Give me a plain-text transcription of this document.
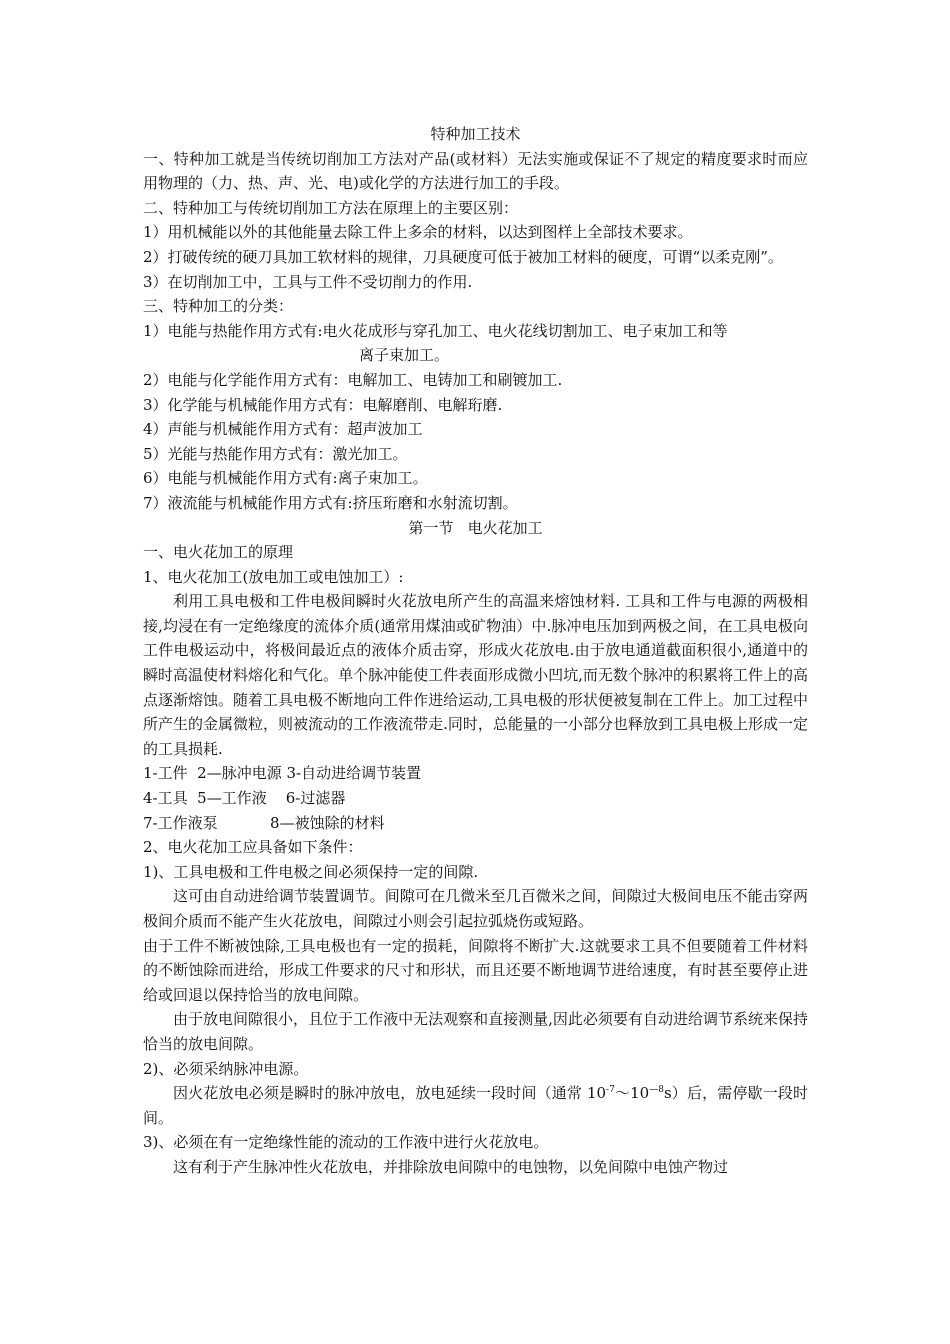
特种加工技术

一、特种加工就是当传统切削加工方法对产品(或材料）无法实施或保证不了规定的精度要求时而应用物理的（力、热、声、光、电)或化学的方法进行加工的手段。

二、特种加工与传统切削加工方法在原理上的主要区别：

1）用机械能以外的其他能量去除工件上多余的材料，以达到图样上全部技术要求。

2）打破传统的硬刀具加工软材料的规律，刀具硬度可低于被加工材料的硬度，可谓“以柔克刚”。

3）在切削加工中，工具与工件不受切削力的作用.

三、特种加工的分类：

1）电能与热能作用方式有:电火花成形与穿孔加工、电火花线切割加工、电子束加工和等

离子束加工。

2）电能与化学能作用方式有：电解加工、电铸加工和刷镀加工.

3）化学能与机械能作用方式有：电解磨削、电解珩磨.

4）声能与机械能作用方式有：超声波加工

5）光能与热能作用方式有：激光加工。

6）电能与机械能作用方式有:离子束加工。

7）液流能与机械能作用方式有:挤压珩磨和水射流切割。

第一节   电火花加工

一、电火花加工的原理

1、电火花加工(放电加工或电蚀加工）:

利用工具电极和工件电极间瞬时火花放电所产生的高温来熔蚀材料. 工具和工件与电源的两极相接,均浸在有一定绝缘度的流体介质(通常用煤油或矿物油）中.脉冲电压加到两极之间，在工具电极向工件电极运动中，将极间最近点的液体介质击穿，形成火花放电.由于放电通道截面积很小,通道中的瞬时高温使材料熔化和气化。单个脉冲能使工件表面形成微小凹坑,而无数个脉冲的积累将工件上的高点逐渐熔蚀。随着工具电极不断地向工件作进给运动,工具电极的形状便被复制在工件上。加工过程中所产生的金属微粒，则被流动的工作液流带走.同时，总能量的一小部分也释放到工具电极上形成一定的工具损耗.

1-工件  2—脉冲电源 3-自动进给调节装置

4-工具  5—工作液    6-过滤器

7-工作液泵           8—被蚀除的材料

2、电火花加工应具备如下条件：

1)、工具电极和工件电极之间必须保持一定的间隙.

这可由自动进给调节装置调节。间隙可在几微米至几百微米之间，间隙过大极间电压不能击穿两极间介质而不能产生火花放电，间隙过小则会引起拉弧烧伤或短路。

由于工件不断被蚀除,工具电极也有一定的损耗，间隙将不断扩大.这就要求工具不但要随着工件材料的不断蚀除而进给，形成工件要求的尺寸和形状，而且还要不断地调节进给速度，有时甚至要停止进给或回退以保持恰当的放电间隙。

由于放电间隙很小，且位于工作液中无法观察和直接测量,因此必须要有自动进给调节系统来保持恰当的放电间隙。

2)、必须采纳脉冲电源。

因火花放电必须是瞬时的脉冲放电，放电延续一段时间（通常 $10^{-7}\sim 10^{—8}s$）后，需停歇一段时间。

3)、必须在有一定绝缘性能的流动的工作液中进行火花放电。

这有利于产生脉冲性火花放电，并排除放电间隙中的电蚀物，以免间隙中电蚀产物过
